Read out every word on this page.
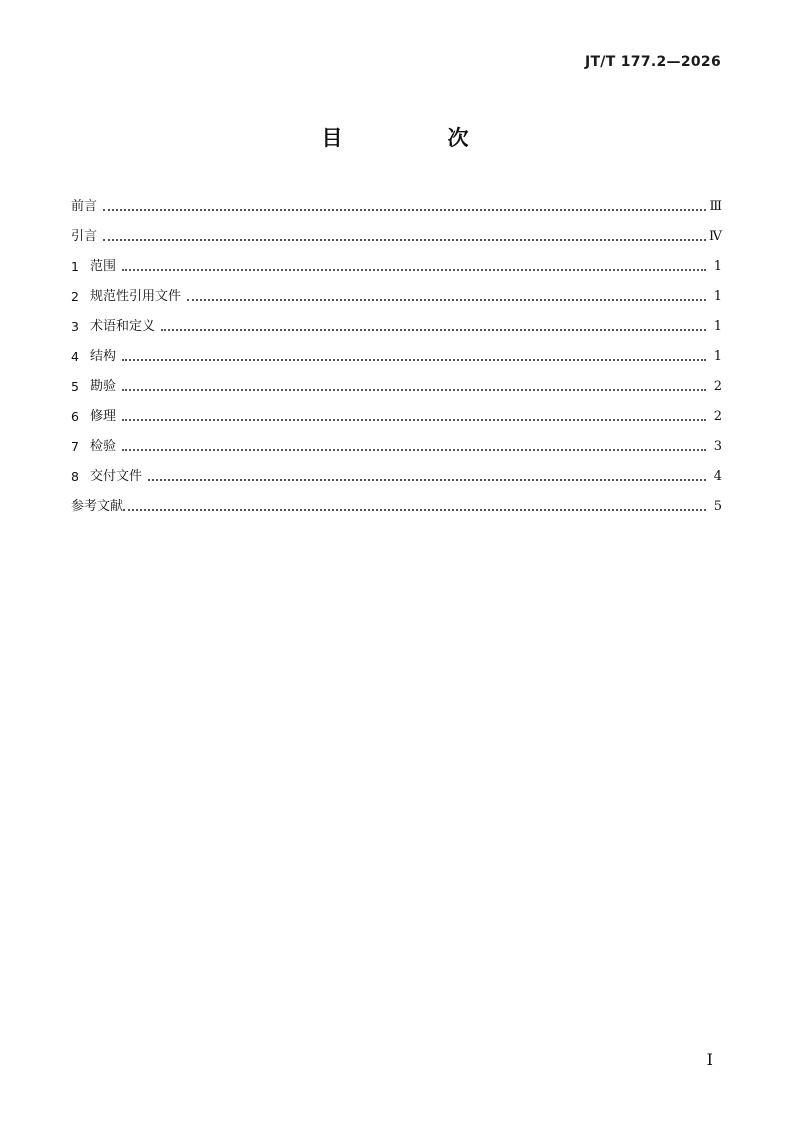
JT/T 177.2—2026
目　次
前言	Ⅲ
引言	Ⅳ
1 范围	1
2 规范性引用文件	1
3 术语和定义	1
4 结构	1
5 勘验	2
6 修理	2
7 检验	3
8 交付文件	4
参考文献	5
I
